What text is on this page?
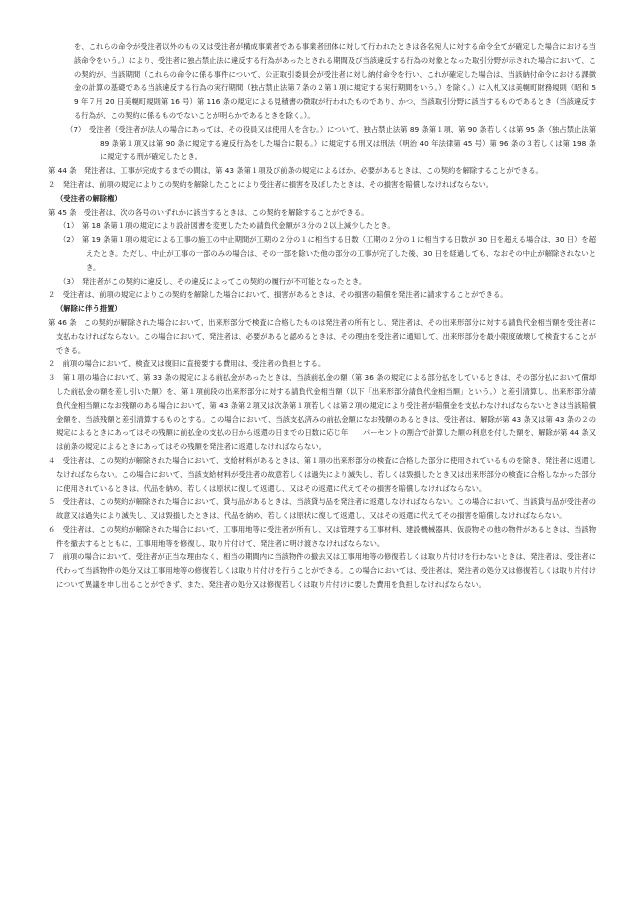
を、これらの命令が受注者以外のもの又は受注者が構成事業者である事業者団体に対して行われたときは各名宛人に対する命令全てが確定した場合における当該命令をいう。）により、受注者に独占禁止法に違反する行為があったとされる期間及び当該違反する行為の対象となった取引分野が示された場合において、この契約が、当該期間（これらの命令に係る事件について、公正取引委員会が受注者に対し納付命令を行い、これが確定した場合は、当該納付命令における課徴金の計算の基礎である当該違反する行為の実行期間（独占禁止法第７条の２第１項に規定する実行期間をいう。）を除く。）に入札又は美幌町財務規則（昭和 59 年７月 20 日美幌町規則第 16 号）第 116 条の規定による見積書の徴取が行われたものであり、かつ、当該取引分野に該当するものであるとき（当該違反する行為が、この契約に係るものでないことが明らかであるときを除く。）。

（7）　受注者（受注者が法人の場合にあっては、その役員又は使用人を含む。）について、独占禁止法第 89 条第１項、第 90 条若しくは第 95 条（独占禁止法第 89 条第１項又は第 90 条に規定する違反行為をした場合に限る。）に規定する刑又は刑法（明治 40 年法律第 45 号）第 96 条の３若しくは第 198 条に規定する刑が確定したとき。

第 44 条　発注者は、工事が完成するまでの間は、第 43 条第１項及び前条の規定によるほか、必要があるときは、この契約を解除することができる。

２　発注者は、前項の規定によりこの契約を解除したことにより受注者に損害を及ぼしたときは、その損害を賠償しなければならない。

（受注者の解除権）

第 45 条　受注者は、次の各号のいずれかに該当するときは、この契約を解除することができる。

（1）　第 18 条第１項の規定により設計図書を変更したため請負代金額が３分の２以上減少したとき。

（2）　第 19 条第１項の規定による工事の施工の中止期間が工期の２分の１に相当する日数（工期の２分の１に相当する日数が 30 日を超える場合は、30 日）を超えたとき。ただし、中止が工事の一部のみの場合は、その一部を除いた他の部分の工事が完了した後、30 日を経過しても、なおその中止が解除されないとき。

（3）　発注者がこの契約に違反し、その違反によってこの契約の履行が不可能となったとき。

２　受注者は、前項の規定によりこの契約を解除した場合において、損害があるときは、その損害の賠償を発注者に請求することができる。

（解除に伴う措置）

第 46 条　この契約が解除された場合において、出来形部分で検査に合格したものは発注者の所有とし、発注者は、その出来形部分に対する請負代金相当額を受注者に支払わなければならない。この場合において、発注者は、必要があると認めるときは、その理由を受注者に通知して、出来形部分を最小限度破壊して検査することができる。

２　前項の場合において、検査又は復旧に直接要する費用は、受注者の負担とする。

３　第１項の場合において、第 33 条の規定による前払金があったときは、当該前払金の額（第 36 条の規定による部分払をしているときは、その部分払において償却した前払金の額を差し引いた額）を、第１項前段の出来形部分に対する請負代金相当額（以下「出来形部分請負代金相当額」という。）と差引清算し、出来形部分請負代金相当額になお残額のある場合において、第 43 条第２項又は次条第１項若しくは第２項の規定により受注者が賠償金を支払わなければならないときは当該賠償金額を、当該残額と差引清算するものとする。この場合において、当該支払済みの前払金額になお残額のあるときは、受注者は、解除が第 43 条又は第 43 条の２の規定によるときにあってはその残額に前払金の支払の日から返還の日までの日数に応じ年　　パーセントの割合で計算した額の利息を付した額を、解除が第 44 条又は前条の規定によるときにあってはその残額を発注者に返還しなければならない。

４　受注者は、この契約が解除された場合において、支給材料があるときは、第１項の出来形部分の検査に合格した部分に使用されているものを除き、発注者に返還しなければならない。この場合において、当該支給材料が受注者の故意若しくは過失により滅失し、若しくは毀損したとき又は出来形部分の検査に合格しなかった部分に使用されているときは、代品を納め、若しくは原状に復して返還し、又はその返還に代えてその損害を賠償しなければならない。

５　受注者は、この契約が解除された場合において、貸与品があるときは、当該貸与品を発注者に返還しなければならない。この場合において、当該貸与品が受注者の故意又は過失により滅失し、又は毀損したときは、代品を納め、若しくは原状に復して返還し、又はその返還に代えてその損害を賠償しなければならない。

６　受注者は、この契約が解除された場合において、工事用地等に受注者が所有し、又は管理する工事材料、建設機械器具、仮設物その他の物件があるときは、当該物件を撤去するとともに、工事用地等を修復し、取り片付けて、発注者に明け渡さなければならない。

７　前項の場合において、受注者が正当な理由なく、相当の期間内に当該物件の撤去又は工事用地等の修復若しくは取り片付けを行わないときは、発注者は、受注者に代わって当該物件の処分又は工事用地等の修復若しくは取り片付けを行うことができる。この場合においては、受注者は、発注者の処分又は修復若しくは取り片付けについて異議を申し出ることができず、また、発注者の処分又は修復若しくは取り片付けに要した費用を負担しなければならない。
